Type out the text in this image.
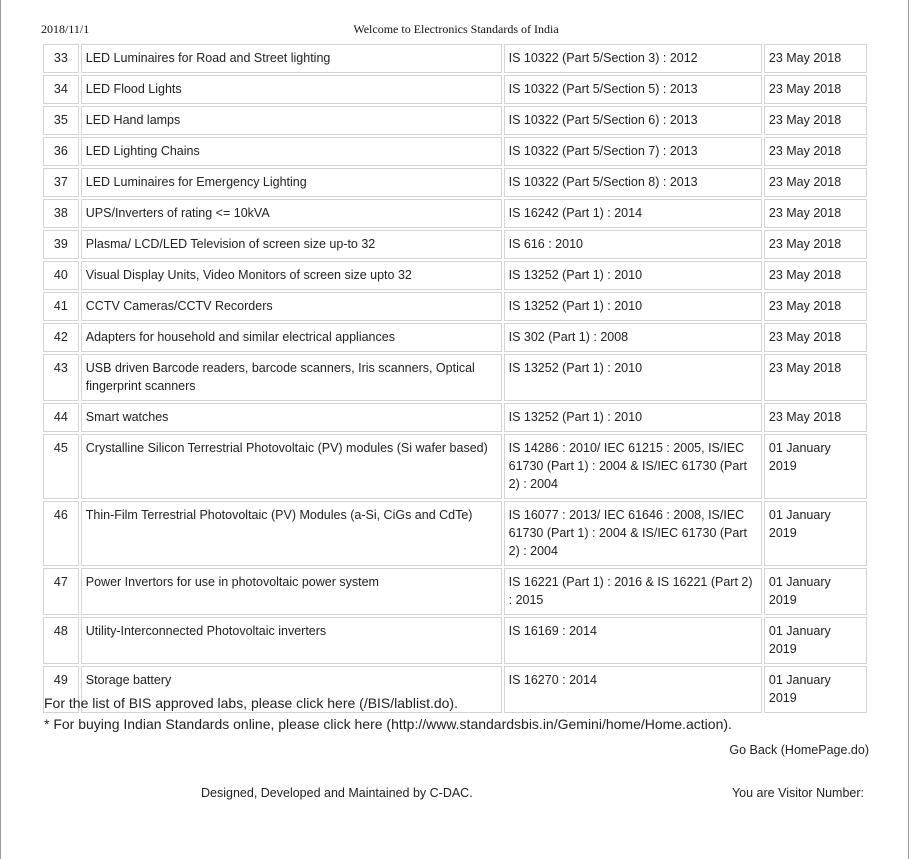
2018/11/1	Welcome to Electronics Standards of India
33	LED Luminaires for Road and Street lighting	IS 10322 (Part 5/Section 3) : 2012	23 May 2018
34	LED Flood Lights	IS 10322 (Part 5/Section 5) : 2013	23 May 2018
35	LED Hand lamps	IS 10322 (Part 5/Section 6) : 2013	23 May 2018
36	LED Lighting Chains	IS 10322 (Part 5/Section 7) : 2013	23 May 2018
37	LED Luminaires for Emergency Lighting	IS 10322 (Part 5/Section 8) : 2013	23 May 2018
38	UPS/Inverters of rating <= 10kVA	IS 16242 (Part 1) : 2014	23 May 2018
39	Plasma/ LCD/LED Television of screen size up-to 32	IS 616 : 2010	23 May 2018
40	Visual Display Units, Video Monitors of screen size upto 32	IS 13252 (Part 1) : 2010	23 May 2018
41	CCTV Cameras/CCTV Recorders	IS 13252 (Part 1) : 2010	23 May 2018
42	Adapters for household and similar electrical appliances	IS 302 (Part 1) : 2008	23 May 2018
43	USB driven Barcode readers, barcode scanners, Iris scanners, Optical fingerprint scanners	IS 13252 (Part 1) : 2010	23 May 2018
44	Smart watches	IS 13252 (Part 1) : 2010	23 May 2018
45	Crystalline Silicon Terrestrial Photovoltaic (PV) modules (Si wafer based)	IS 14286 : 2010/ IEC 61215 : 2005, IS/IEC 61730 (Part 1) : 2004 & IS/IEC 61730 (Part 2) : 2004	01 January 2019
46	Thin-Film Terrestrial Photovoltaic (PV) Modules (a-Si, CiGs and CdTe)	IS 16077 : 2013/ IEC 61646 : 2008, IS/IEC 61730 (Part 1) : 2004 & IS/IEC 61730 (Part 2) : 2004	01 January 2019
47	Power Invertors for use in photovoltaic power system	IS 16221 (Part 1) : 2016 & IS 16221 (Part 2) : 2015	01 January 2019
48	Utility-Interconnected Photovoltaic inverters	IS 16169 : 2014	01 January 2019
49	Storage battery	IS 16270 : 2014	01 January 2019
For the list of BIS approved labs, please click here (/BIS/lablist.do).
* For buying Indian Standards online, please click here (http://www.standardsbis.in/Gemini/home/Home.action).
Go Back (HomePage.do)
Designed, Developed and Maintained by C-DAC.	You are Visitor Number:
